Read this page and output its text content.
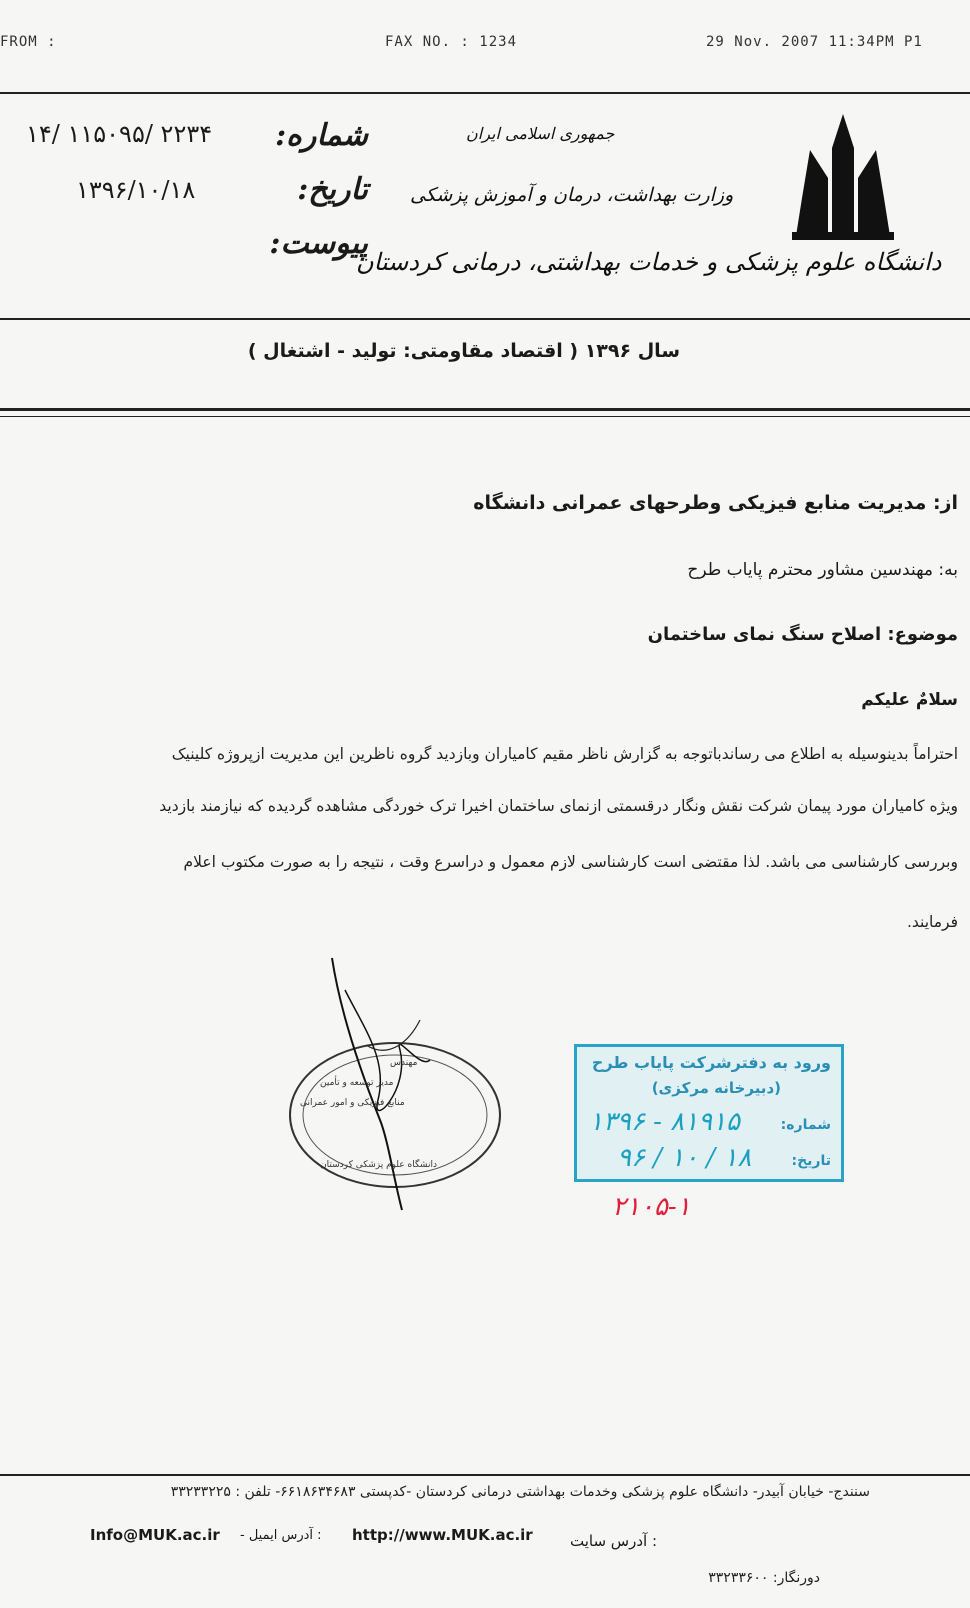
FROM :	FAX NO. : 1234	29 Nov. 2007 11:34PM P1
جمهوری اسلامی ایران
وزارت بهداشت، درمان و آموزش پزشکی
دانشگاه علوم پزشکی و خدمات بهداشتی، درمانی کردستان
شماره:
۱۴/ ۱۱۵۰۹۵/ ۲۲۳۴
تاریخ:
۱۳۹۶/۱۰/۱۸
پیوست:
سال ۱۳۹۶ ( اقتصاد مقاومتی: تولید - اشتغال )
از: مدیریت منابع فیزیکی وطرحهای عمرانی دانشگاه
به: مهندسین مشاور محترم پایاب طرح
موضوع: اصلاح سنگ نمای ساختمان
سلامٌ علیکم
احتراماً بدینوسیله به اطلاع می رساندباتوجه به گزارش ناظر مقیم کامیاران وبازدید گروه ناظرین این مدیریت ازپروژه کلینیک
ویژه کامیاران مورد پیمان شرکت نقش ونگار درقسمتی ازنمای ساختمان اخیرا ترک خوردگی مشاهده گردیده که نیازمند بازدید
وبررسی کارشناسی می باشد. لذا مقتضی است کارشناسی لازم معمول و دراسرع وقت ، نتیجه را به صورت مکتوب اعلام
فرمایند.
مهندس
مدیر توسعه و تأمین
منابع فیزیکی و امور عمرانی
دانشگاه علوم پزشکی کردستان
ورود به دفترشرکت پایاب طرح
(دبیرخانه مرکزی)
شماره:
۱۳۹۶ - ۸۱۹۱۵
تاریخ:
۹۶ / ۱۰ / ۱۸
۲۱۰۵-۱
سنندج- خیابان آبیدر- دانشگاه علوم پزشکی وخدمات بهداشتی درمانی کردستان -کدپستی ۶۶۱۸۶۳۴۶۸۳- تلفن : ۳۳۲۳۳۲۲۵
Info@MUK.ac.ir - آدرس ایمیل : http://www.MUK.ac.ir آدرس سایت :
دورنگار: ۳۳۲۳۳۶۰۰
